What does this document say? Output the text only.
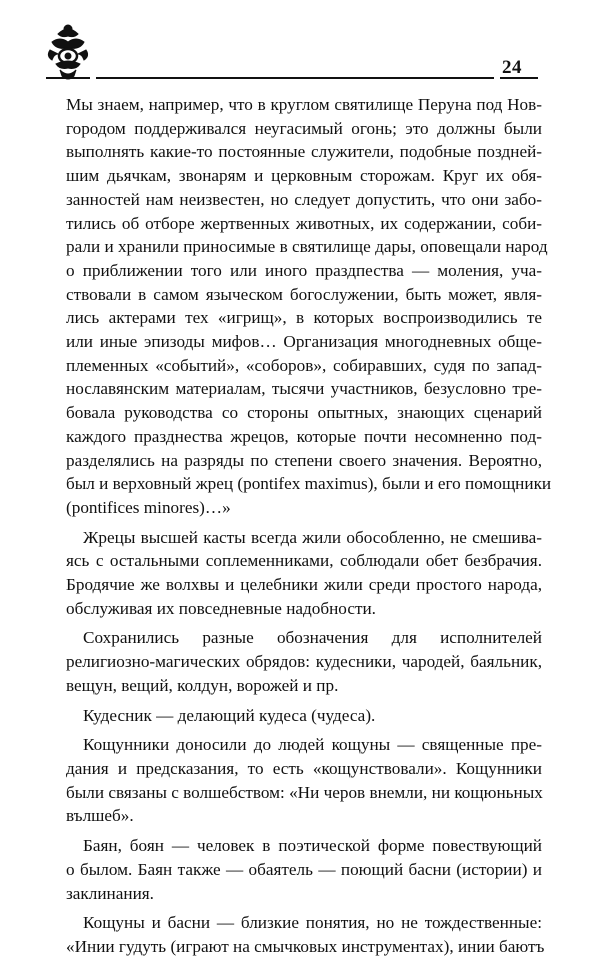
24
Мы знаем, например, что в круглом святилище Перуна под Нов-
городом поддерживался неугасимый огонь; это должны были
выполнять какие-то постоянные служители, подобные поздней-
шим дьячкам, звонарям и церковным сторожам. Круг их обя-
занностей нам неизвестен, но следует допустить, что они забо-
тились об отборе жертвенных животных, их содержании, соби-
рали и хранили приносимые в святилище дары, оповещали народ
о приближении того или иного праздпества — моления, уча-
ствовали в самом языческом богослужении, быть может, явля-
лись актерами тех «игрищ», в которых воспроизводились те
или иные эпизоды мифов… Организация многодневных обще-
племенных «событий», «соборов», собиравших, судя по запад-
нославянским материалам, тысячи участников, безусловно тре-
бовала руководства со стороны опытных, знающих сценарий
каждого празднества жрецов, которые почти несомненно под-
разделялись на разряды по степени своего значения. Вероятно,
был и верховный жрец (pontifex maximus), были и его помощники
(pontifices minores)…»
Жрецы высшей касты всегда жили обособленно, не смешива-
ясь с остальными соплеменниками, соблюдали обет безбрачия.
Бродячие же волхвы и целебники жили среди простого народа,
обслуживая их повседневные надобности.
Сохранились разные обозначения для исполнителей
религиозно-магических обрядов: кудесники, чародей, баяльник,
вещун, вещий, колдун, ворожей и пр.
Кудесник — делающий кудеса (чудеса).
Кощунники доносили до людей кощуны — священные пре-
дания и предсказания, то есть «кощунствовали». Кощунники
были связаны с волшебством: «Ни черов внемли, ни кощюньных
вълшеб».
Баян, боян — человек в поэтической форме повествующий
о былом. Баян также — обаятель — поющий басни (истории) и
заклинания.
Кощуны и басни — близкие понятия, но не тождественные:
«Инии гудуть (играют на смычковых инструментах), инии баютъ
